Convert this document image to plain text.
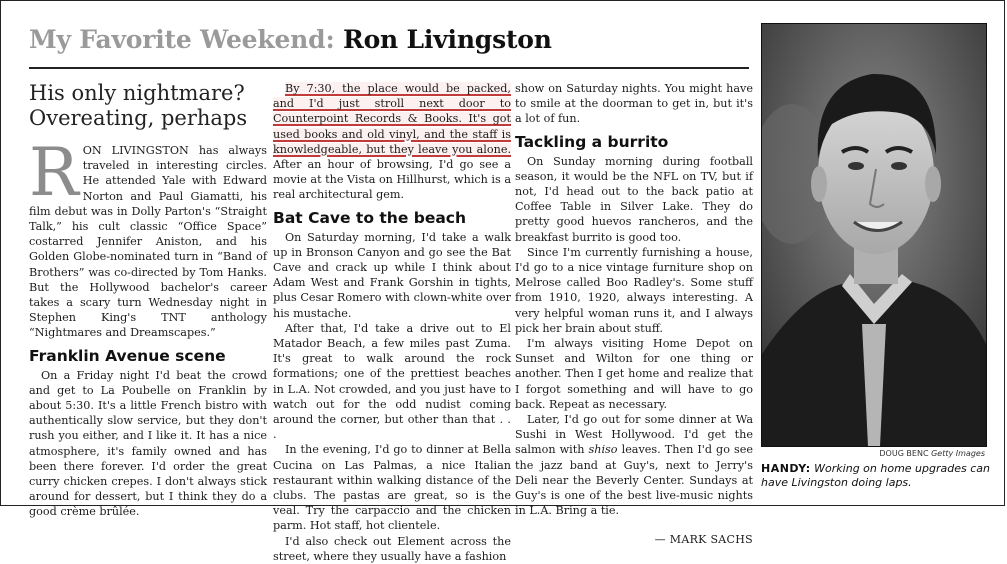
My Favorite Weekend: Ron Livingston
His only nightmare?
Overeating, perhaps

RON LIVINGSTON has always traveled in interesting circles. He attended Yale with Edward Norton and Paul Giamatti, his film debut was in Dolly Parton's “Straight Talk,” his cult classic “Office Space” costarred Jennifer Aniston, and his Golden Globe-nominated turn in “Band of Brothers” was co-directed by Tom Hanks. But the Hollywood bachelor's career takes a scary turn Wednesday night in Stephen King's TNT anthology “Nightmares and Dreamscapes.”

Franklin Avenue scene

On a Friday night I'd beat the crowd and get to La Poubelle on Franklin by about 5:30. It's a little French bistro with authentically slow service, but they don't rush you either, and I like it. It has a nice atmosphere, it's family owned and has been there forever. I'd order the great curry chicken crepes. I don't always stick around for dessert, but I think they do a good crème brûlée.

By 7:30, the place would be packed, and I'd just stroll next door to Counterpoint Records & Books. It's got used books and old vinyl, and the staff is knowledgeable, but they leave you alone. After an hour of browsing, I'd go see a movie at the Vista on Hillhurst, which is a real architectural gem.

Bat Cave to the beach

On Saturday morning, I'd take a walk up in Bronson Canyon and go see the Bat Cave and crack up while I think about Adam West and Frank Gorshin in tights, plus Cesar Romero with clown-white over his mustache.

After that, I'd take a drive out to El Matador Beach, a few miles past Zuma. It's great to walk around the rock formations; one of the prettiest beaches in L.A. Not crowded, and you just have to watch out for the odd nudist coming around the corner, but other than that . . .

In the evening, I'd go to dinner at Bella Cucina on Las Palmas, a nice Italian restaurant within walking distance of the clubs. The pastas are great, so is the veal. Try the carpaccio and the chicken parm. Hot staff, hot clientele.

I'd also check out Element across the street, where they usually have a fashion

show on Saturday nights. You might have to smile at the doorman to get in, but it's a lot of fun.

Tackling a burrito

On Sunday morning during football season, it would be the NFL on TV, but if not, I'd head out to the back patio at Coffee Table in Silver Lake. They do pretty good huevos rancheros, and the breakfast burrito is good too.

Since I'm currently furnishing a house, I'd go to a nice vintage furniture shop on Melrose called Boo Radley's. Some stuff from 1910, 1920, always interesting. A very helpful woman runs it, and I always pick her brain about stuff.

I'm always visiting Home Depot on Sunset and Wilton for one thing or another. Then I get home and realize that I forgot something and will have to go back. Repeat as necessary.

Later, I'd go out for some dinner at Wa Sushi in West Hollywood. I'd get the salmon with shiso leaves. Then I'd go see the jazz band at Guy's, next to Jerry's Deli near the Beverly Center. Sundays at Guy's is one of the best live-music nights in L.A. Bring a tie.

— MARK SACHS
DOUG BENC Getty Images
HANDY: Working on home upgrades can have Livingston doing laps.
